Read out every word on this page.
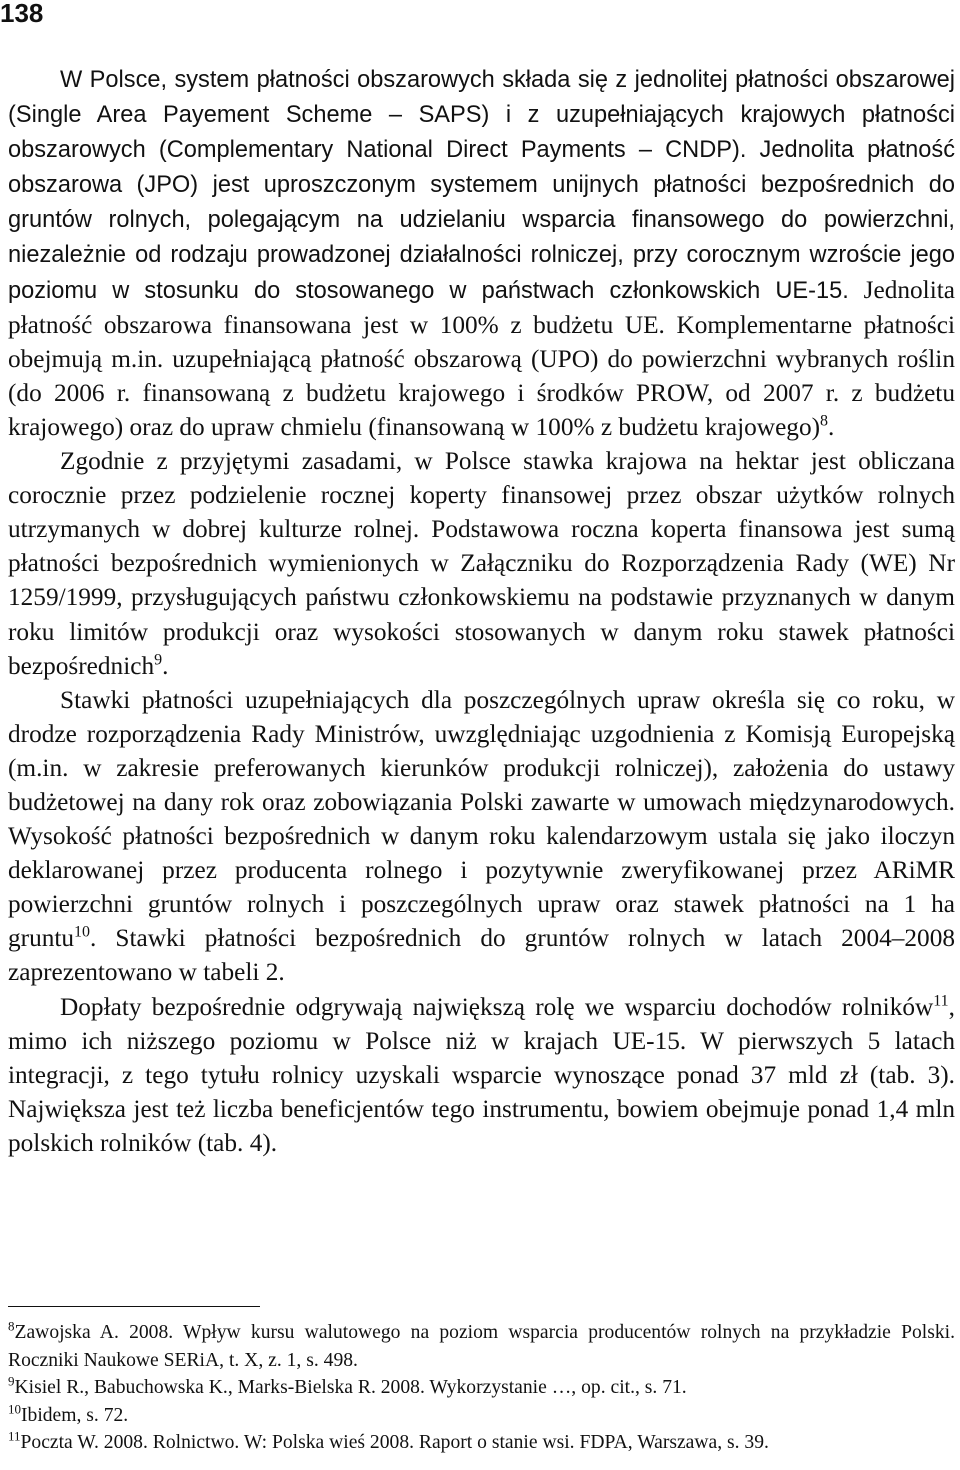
138

W Polsce, system płatności obszarowych składa się z jednolitej płatności obszarowej (Single Area Payement Scheme – SAPS) i z uzupełniających krajowych płatności obszarowych (Complementary National Direct Payments – CNDP). Jednolita płatność obszarowa (JPO) jest uproszczonym systemem unijnych płatności bezpośrednich do gruntów rolnych, polegającym na udzielaniu wsparcia finansowego do powierzchni, niezależnie od rodzaju prowadzonej działalności rolniczej, przy corocznym wzroście jego poziomu w stosunku do stosowanego w państwach członkowskich UE-15. Jednolita płatność obszarowa finansowana jest w 100% z budżetu UE. Komplementarne płatności obejmują m.in. uzupełniającą płatność obszarową (UPO) do powierzchni wybranych roślin (do 2006 r. finansowaną z budżetu krajowego i środków PROW, od 2007 r. z budżetu krajowego) oraz do upraw chmielu (finansowaną w 100% z budżetu krajowego)$^8$.

Zgodnie z przyjętymi zasadami, w Polsce stawka krajowa na hektar jest obliczana corocznie przez podzielenie rocznej koperty finansowej przez obszar użytków rolnych utrzymanych w dobrej kulturze rolnej. Podstawowa roczna koperta finansowa jest sumą płatności bezpośrednich wymienionych w Załączniku do Rozporządzenia Rady (WE) Nr 1259/1999, przysługujących państwu członkowskiemu na podstawie przyznanych w danym roku limitów produkcji oraz wysokości stosowanych w danym roku stawek płatności bezpośrednich$^9$.

Stawki płatności uzupełniających dla poszczególnych upraw określa się co roku, w drodze rozporządzenia Rady Ministrów, uwzględniając uzgodnienia z Komisją Europejską (m.in. w zakresie preferowanych kierunków produkcji rolniczej), założenia do ustawy budżetowej na dany rok oraz zobowiązania Polski zawarte w umowach międzynarodowych. Wysokość płatności bezpośrednich w danym roku kalendarzowym ustala się jako iloczyn deklarowanej przez producenta rolnego i pozytywnie zweryfikowanej przez ARiMR powierzchni gruntów rolnych i poszczególnych upraw oraz stawek płatności na 1 ha gruntu$^{10}$. Stawki płatności bezpośrednich do gruntów rolnych w latach 2004–2008 zaprezentowano w tabeli 2.

Dopłaty bezpośrednie odgrywają największą rolę we wsparciu dochodów rolników$^{11}$, mimo ich niższego poziomu w Polsce niż w krajach UE-15. W pierwszych 5 latach integracji, z tego tytułu rolnicy uzyskali wsparcie wynoszące ponad 37 mld zł (tab. 3). Największa jest też liczba beneficjentów tego instrumentu, bowiem obejmuje ponad 1,4 mln polskich rolników (tab. 4).

$^8$Zawojska A. 2008. Wpływ kursu walutowego na poziom wsparcia producentów rolnych na przykładzie Polski. Roczniki Naukowe SERiA, t. X, z. 1, s. 498.

$^9$Kisiel R., Babuchowska K., Marks-Bielska R. 2008. Wykorzystanie …, op. cit., s. 71.

$^{10}$Ibidem, s. 72.

$^{11}$Poczta W. 2008. Rolnictwo. W: Polska wieś 2008. Raport o stanie wsi. FDPA, Warszawa, s. 39.
